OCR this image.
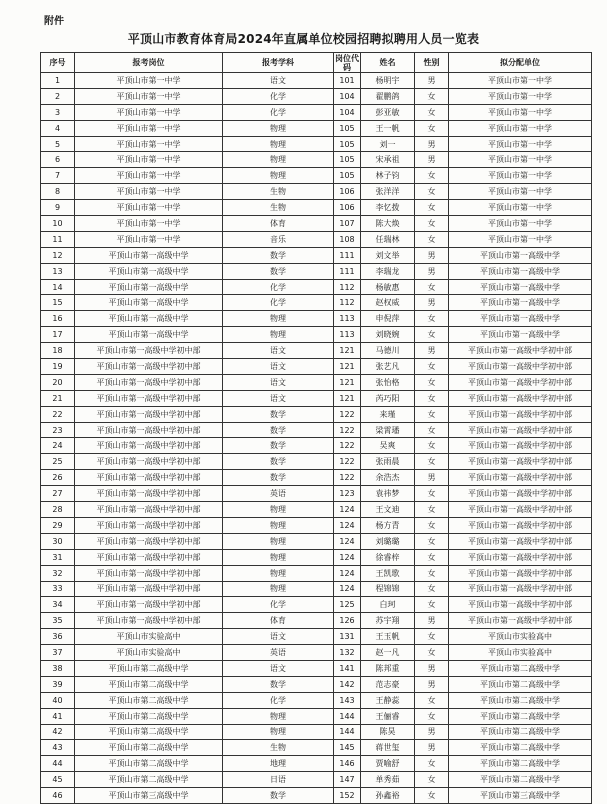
附件
平顶山市教育体育局2024年直属单位校园招聘拟聘用人员一览表
序号	报考岗位	报考学科	岗位代码	姓名	性别	拟分配单位
1	平顶山市第一中学	语文	101	杨明宇	男	平顶山市第一中学
2	平顶山市第一中学	化学	104	翟鹏鸽	女	平顶山市第一中学
3	平顶山市第一中学	化学	104	彭亚敏	女	平顶山市第一中学
4	平顶山市第一中学	物理	105	王一帆	女	平顶山市第一中学
5	平顶山市第一中学	物理	105	刘一	男	平顶山市第一中学
6	平顶山市第一中学	物理	105	宋承祖	男	平顶山市第一中学
7	平顶山市第一中学	物理	105	林子钧	女	平顶山市第一中学
8	平顶山市第一中学	生物	106	张洋洋	女	平顶山市第一中学
9	平顶山市第一中学	生物	106	李忆拨	女	平顶山市第一中学
10	平顶山市第一中学	体育	107	陈大焕	女	平顶山市第一中学
11	平顶山市第一中学	音乐	108	任瑞林	女	平顶山市第一中学
12	平顶山市第一高级中学	数学	111	刘文举	男	平顶山市第一高级中学
13	平顶山市第一高级中学	数学	111	李瑞龙	男	平顶山市第一高级中学
14	平顶山市第一高级中学	化学	112	杨敏惠	女	平顶山市第一高级中学
15	平顶山市第一高级中学	化学	112	赵权威	男	平顶山市第一高级中学
16	平顶山市第一高级中学	物理	113	申倪萍	女	平顶山市第一高级中学
17	平顶山市第一高级中学	物理	113	刘晓婉	女	平顶山市第一高级中学
18	平顶山市第一高级中学初中部	语文	121	马德川	男	平顶山市第一高级中学初中部
19	平顶山市第一高级中学初中部	语文	121	张艺凡	女	平顶山市第一高级中学初中部
20	平顶山市第一高级中学初中部	语文	121	张怡格	女	平顶山市第一高级中学初中部
21	平顶山市第一高级中学初中部	语文	121	芮巧阳	女	平顶山市第一高级中学初中部
22	平顶山市第一高级中学初中部	数学	122	来瑾	女	平顶山市第一高级中学初中部
23	平顶山市第一高级中学初中部	数学	122	梁霄璠	女	平顶山市第一高级中学初中部
24	平顶山市第一高级中学初中部	数学	122	吴爽	女	平顶山市第一高级中学初中部
25	平顶山市第一高级中学初中部	数学	122	张雨晨	女	平顶山市第一高级中学初中部
26	平顶山市第一高级中学初中部	数学	122	余浩杰	男	平顶山市第一高级中学初中部
27	平顶山市第一高级中学初中部	英语	123	袁祎梦	女	平顶山市第一高级中学初中部
28	平顶山市第一高级中学初中部	物理	124	王文迪	女	平顶山市第一高级中学初中部
29	平顶山市第一高级中学初中部	物理	124	杨方青	女	平顶山市第一高级中学初中部
30	平顶山市第一高级中学初中部	物理	124	刘璐璐	女	平顶山市第一高级中学初中部
31	平顶山市第一高级中学初中部	物理	124	徐睿梓	女	平顶山市第一高级中学初中部
32	平顶山市第一高级中学初中部	物理	124	王凯歌	女	平顶山市第一高级中学初中部
33	平顶山市第一高级中学初中部	物理	124	程锦锦	女	平顶山市第一高级中学初中部
34	平顶山市第一高级中学初中部	化学	125	白珂	女	平顶山市第一高级中学初中部
35	平顶山市第一高级中学初中部	体育	126	苏宇翔	男	平顶山市第一高级中学初中部
36	平顶山市实验高中	语文	131	王玉帆	女	平顶山市实验高中
37	平顶山市实验高中	英语	132	赵一凡	女	平顶山市实验高中
38	平顶山市第二高级中学	语文	141	陈邦重	男	平顶山市第二高级中学
39	平顶山市第二高级中学	数学	142	范志豪	男	平顶山市第二高级中学
40	平顶山市第二高级中学	化学	143	王静蕊	女	平顶山市第二高级中学
41	平顶山市第二高级中学	物理	144	王俪睿	女	平顶山市第二高级中学
42	平顶山市第二高级中学	物理	144	陈昊	男	平顶山市第二高级中学
43	平顶山市第二高级中学	生物	145	蒋世玺	男	平顶山市第二高级中学
44	平顶山市第二高级中学	地理	146	贾喻舒	女	平顶山市第二高级中学
45	平顶山市第二高级中学	日语	147	单秀茹	女	平顶山市第二高级中学
46	平顶山市第三高级中学	数学	152	孙鑫裕	女	平顶山市第三高级中学
